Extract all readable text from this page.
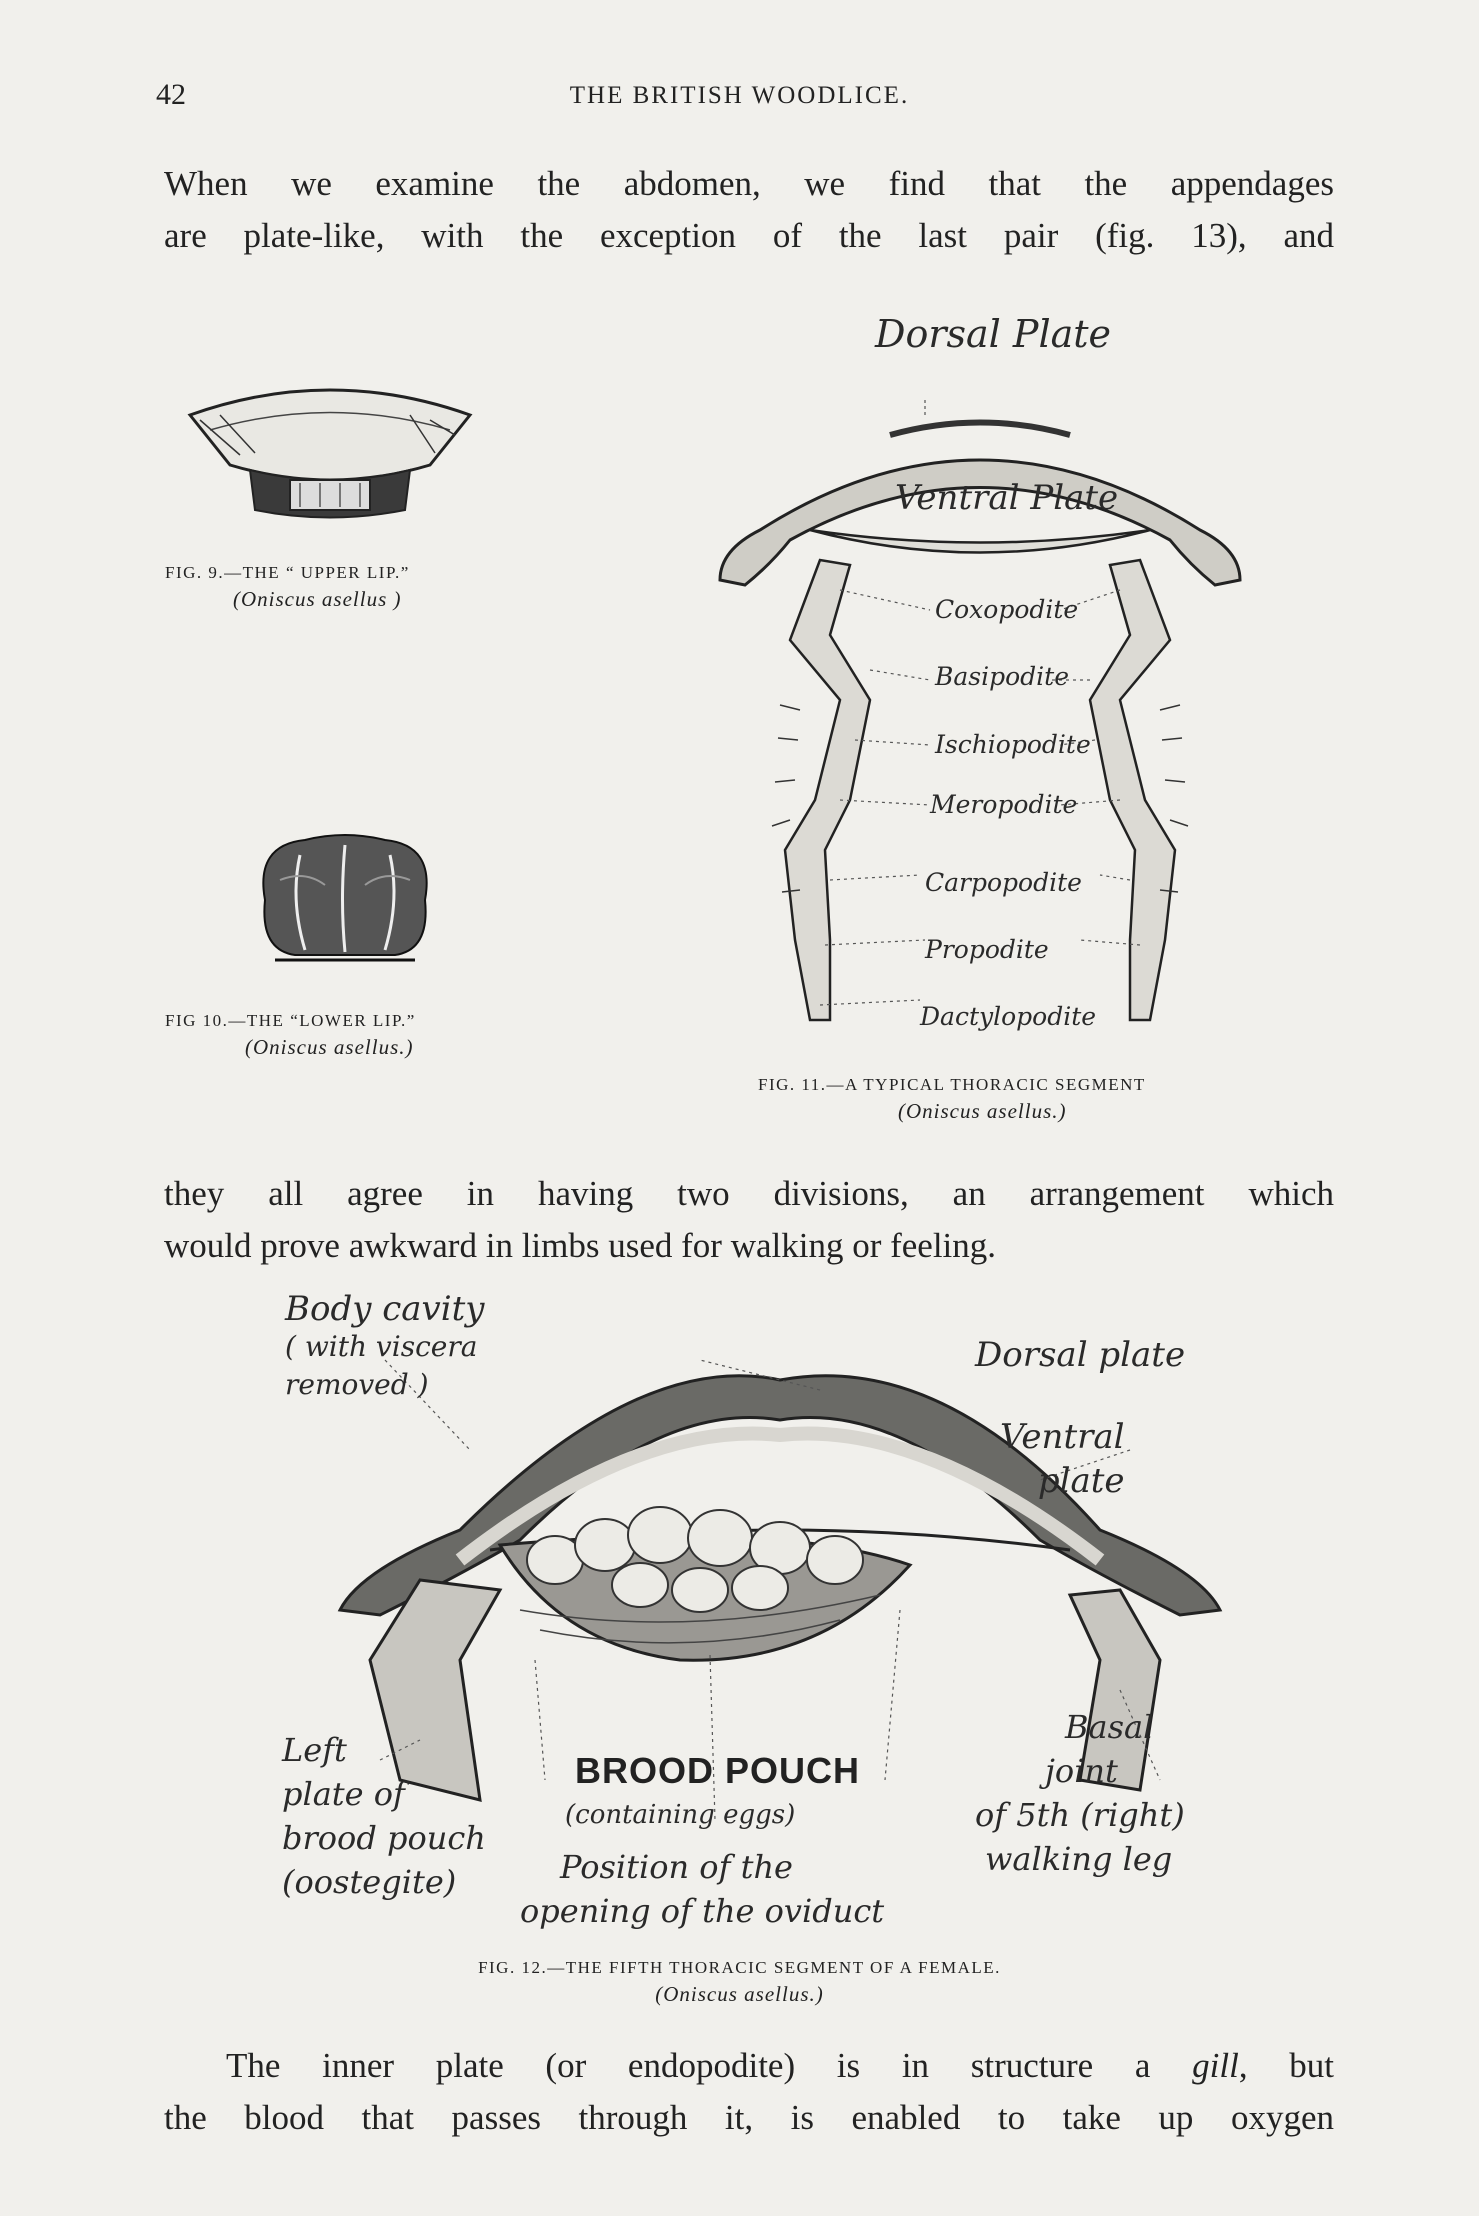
42	THE BRITISH WOODLICE.
When we examine the abdomen, we find that the appendages
are plate-like, with the exception of the last pair (fig. 13), and
FIG. 9.—THE “ UPPER LIP.”
(Oniscus asellus )
FIG 10.—THE “LOWER LIP.”
(Oniscus asellus.)
Dorsal Plate
Ventral Plate
Coxopodite
Basipodite
Ischiopodite
Meropodite
Carpopodite
Propodite
Dactylopodite
FIG. 11.—A TYPICAL THORACIC SEGMENT
(Oniscus asellus.)
they all agree in having two divisions, an arrangement which
would prove awkward in limbs used for walking or feeling.
Body cavity
( with viscera
removed )
Dorsal plate
Ventral
plate
Left
plate of
brood pouch
(oostegite)
BROOD POUCH
(containing eggs)
Position of the
opening of the oviduct
Basal
joint
of 5th (right)
walking leg
FIG. 12.—THE FIFTH THORACIC SEGMENT OF A FEMALE.
(Oniscus asellus.)
The inner plate (or endopodite) is in structure a gill, but
the blood that passes through it, is enabled to take up oxygen
